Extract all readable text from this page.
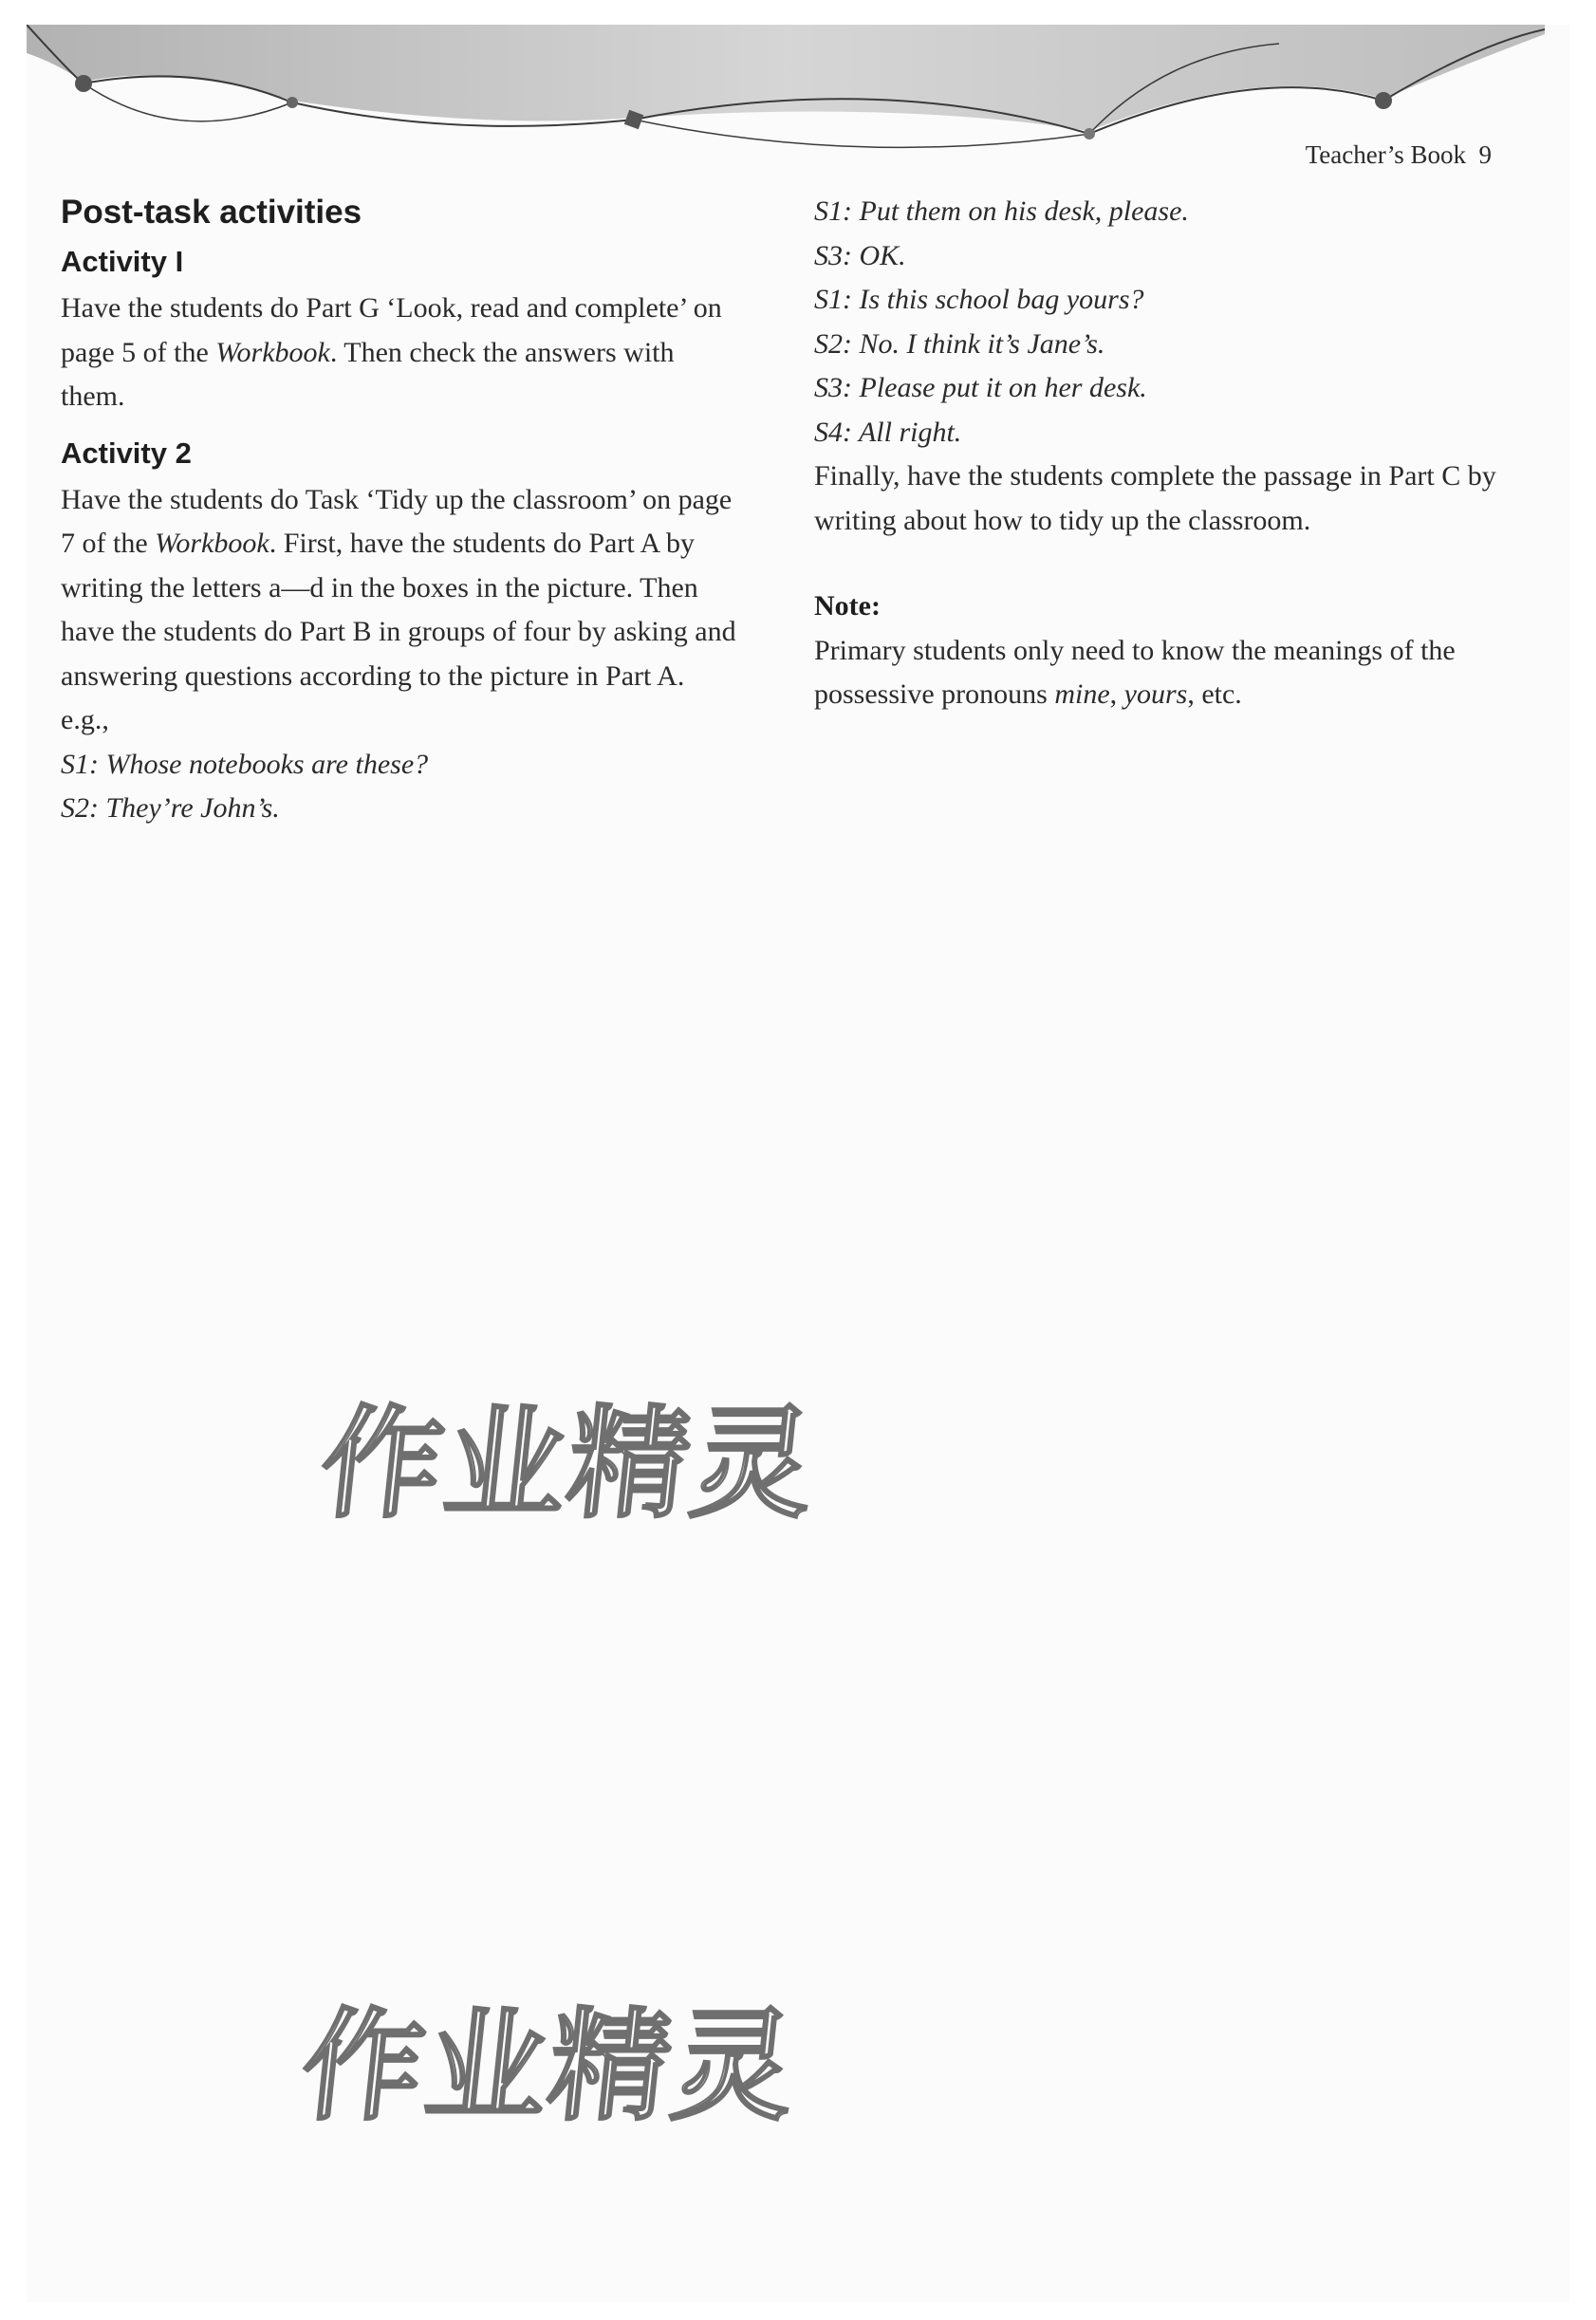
Teacher’s Book 9
Post-task activities
Activity I

Have the students do Part G ‘Look, read and complete’ on page 5 of the Workbook. Then check the answers with them.

Activity 2

Have the students do Task ‘Tidy up the classroom’ on page 7 of the Workbook. First, have the students do Part A by writing the letters a—d in the boxes in the picture. Then have the students do Part B in groups of four by asking and answering questions according to the picture in Part A.

e.g.,

S1: Whose notebooks are these?

S2: They’re John’s.

S1: Put them on his desk, please.

S3: OK.

S1: Is this school bag yours?

S2: No. I think it’s Jane’s.

S3: Please put it on her desk.

S4: All right.

Finally, have the students complete the passage in Part C by writing about how to tidy up the classroom.

Note:

Primary students only need to know the meanings of the possessive pronouns mine, yours, etc.

作业精灵
作业精灵
